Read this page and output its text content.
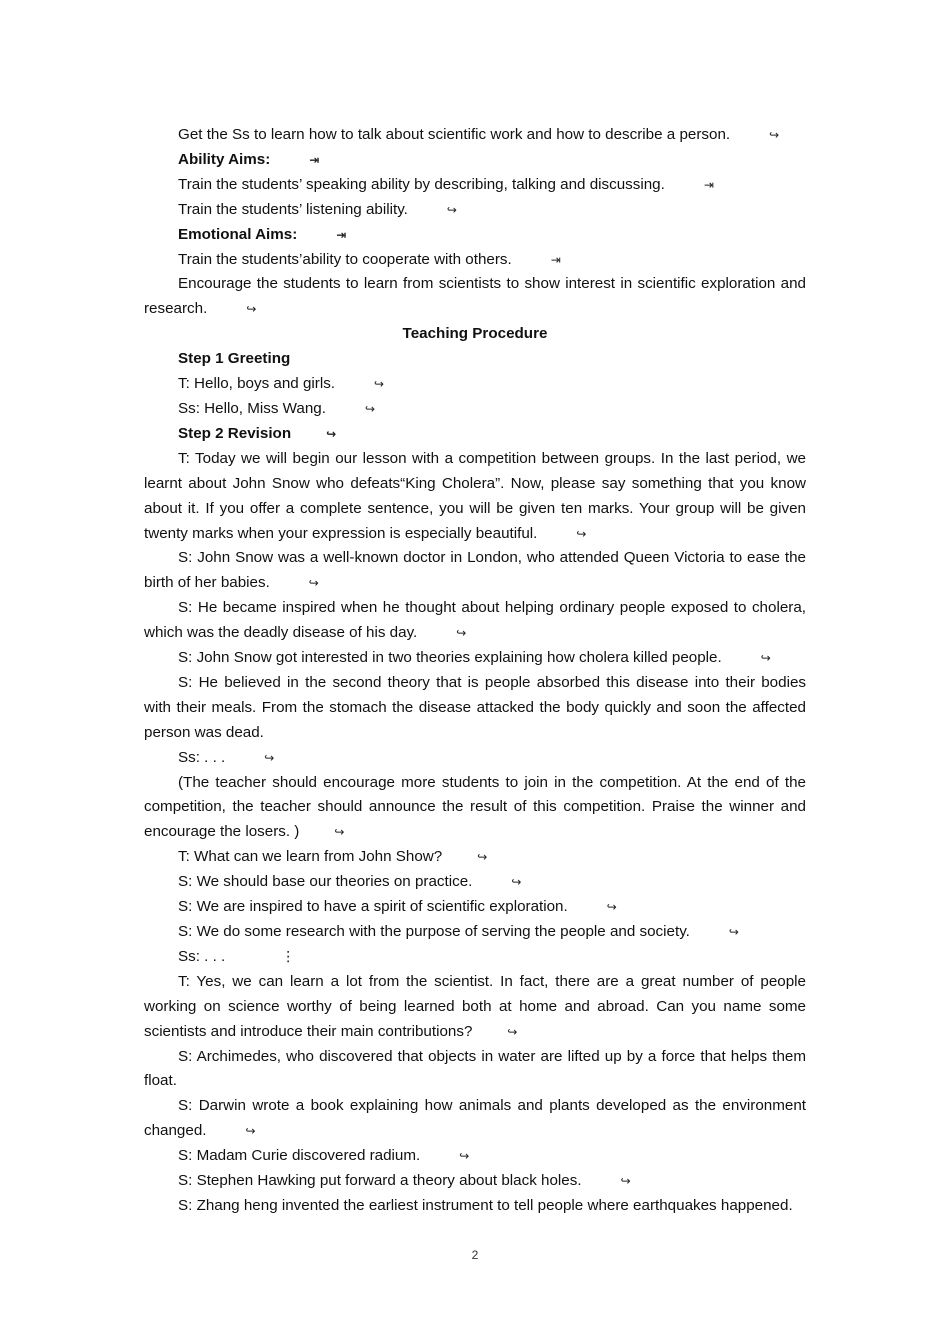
Get the Ss to learn how to talk about scientific work and how to describe a person.	↪

Ability Aims:	⇥

Train the students’ speaking ability by describing, talking and discussing.	⇥

Train the students’ listening ability.	↪

Emotional Aims:	⇥

Train the students’ability to cooperate with others.	⇥

Encourage the students to learn from scientists to show interest in scientific exploration and research.	↪

Teaching Procedure

Step 1 Greeting

T: Hello, boys and girls.	↪

Ss: Hello, Miss Wang.	↪

Step 2 Revision	↪

T: Today we will begin our lesson with a competition between groups. In the last period, we learnt about John Snow who defeats“King Cholera”. Now, please say something that you know about it. If you offer a complete sentence, you will be given ten marks. Your group will be given twenty marks when your expression is especially beautiful.	↪

S: John Snow was a well-known doctor in London, who attended Queen Victoria to ease the birth of her babies.	↪

S: He became inspired when he thought about helping ordinary people exposed to cholera, which was the deadly disease of his day.	↪

S: John Snow got interested in two theories explaining how cholera killed people.	↪

S: He believed in the second theory that is people absorbed this disease into their bodies with their meals. From the stomach the disease attacked the body quickly and soon the affected person was dead.

Ss: . . .	↪

(The teacher should encourage more students to join in the competition. At the end of the competition, the teacher should announce the result of this competition. Praise the winner and encourage the losers. )	↪

T: What can we learn from John Show?	↪

S: We should base our theories on practice.	↪

S: We are inspired to have a spirit of scientific exploration.	↪

S: We do some research with the purpose of serving the people and society.	↪

Ss: . . .	⋮

T: Yes, we can learn a lot from the scientist. In fact, there are a great number of people working on science worthy of being learned both at home and abroad. Can you name some scientists and introduce their main contributions?	↪

S: Archimedes, who discovered that objects in water are lifted up by a force that helps them float.

S: Darwin wrote a book explaining how animals and plants developed as the environment changed.	↪

S: Madam Curie discovered radium.	↪

S: Stephen Hawking put forward a theory about black holes.	↪

S: Zhang heng invented the earliest instrument to tell people where earthquakes happened.

2
